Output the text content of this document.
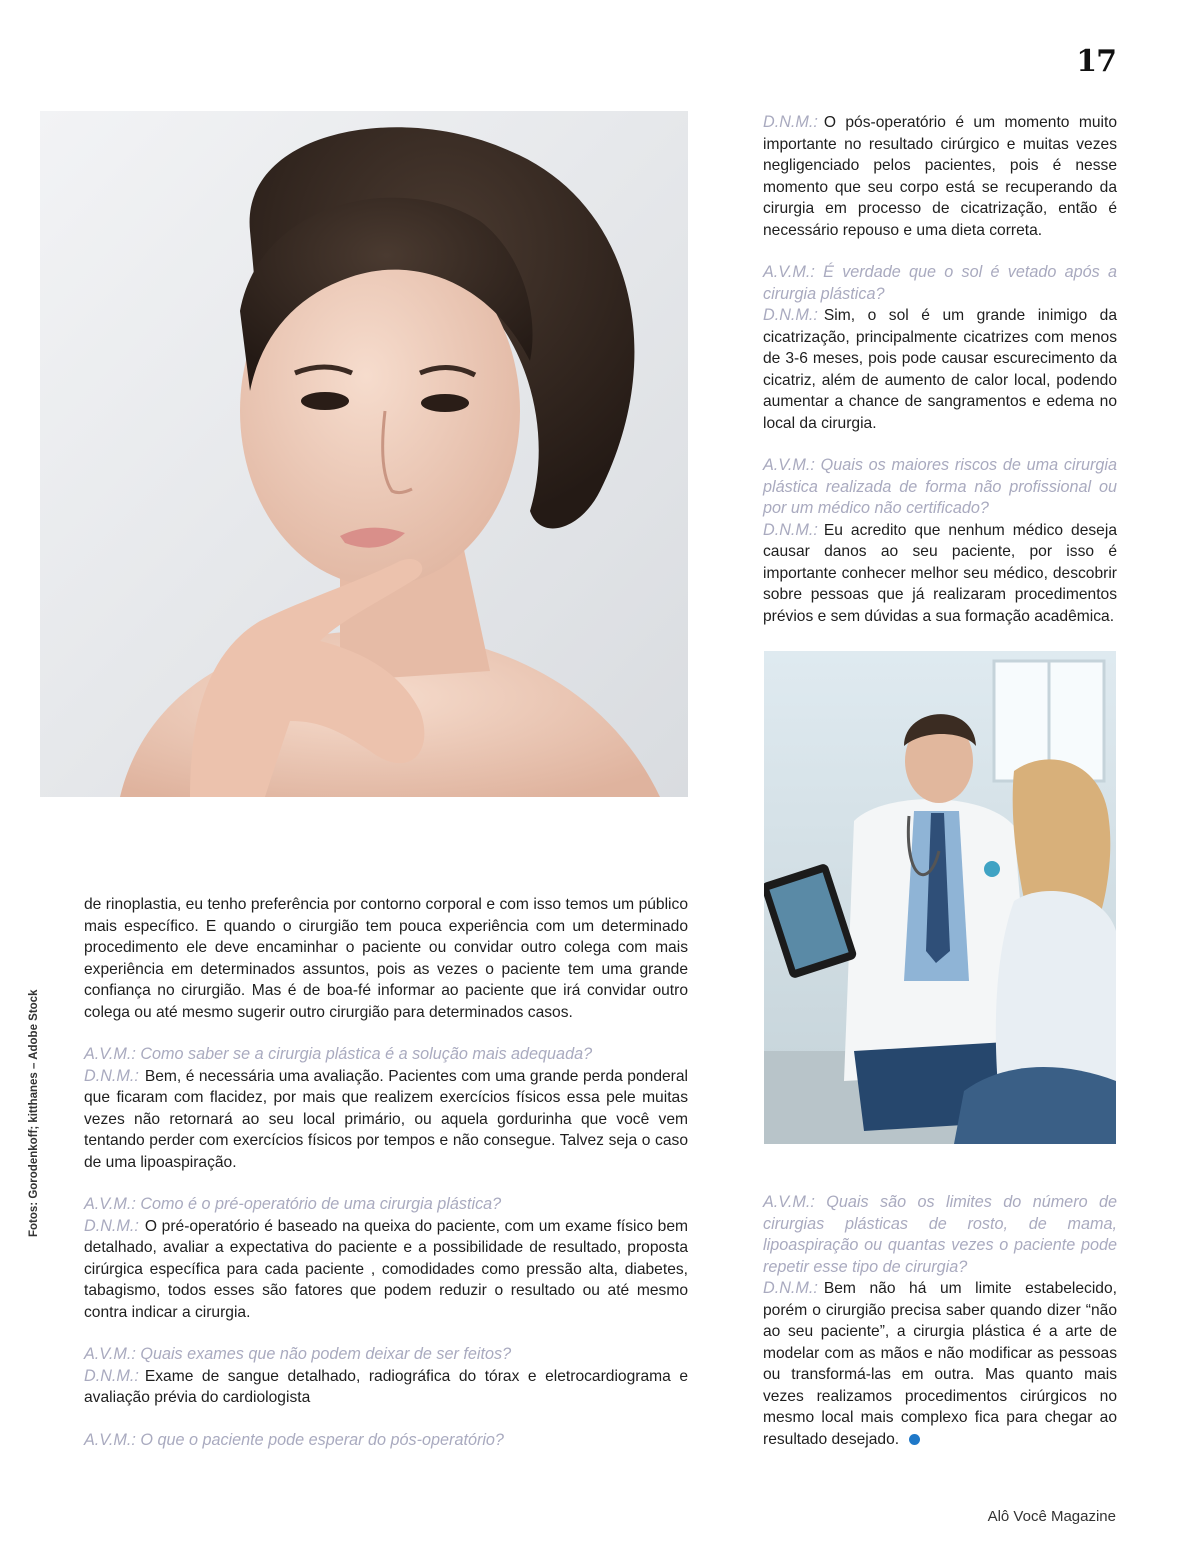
17

de rinoplastia, eu tenho preferência por contorno corporal e com isso temos um público mais específico. E quando o cirurgião tem pouca experiência com um determinado procedimento ele deve encaminhar o paciente ou convidar outro colega com mais experiência em determinados assuntos, pois as vezes o paciente tem uma grande confiança no cirurgião. Mas é de boa-fé informar ao paciente que irá convidar outro colega ou até mesmo sugerir outro cirurgião para determinados casos.

A.V.M.: Como saber se a cirurgia plástica é a solução mais adequada?
D.N.M.: Bem, é necessária uma avaliação. Pacientes com uma grande perda ponderal que ficaram com flacidez, por mais que realizem exercícios físicos essa pele muitas vezes não retornará ao seu local primário, ou aquela gordurinha que você vem tentando perder com exercícios físicos por tempos e não consegue. Talvez seja o caso de uma lipoaspiração.

A.V.M.: Como é o pré-operatório de uma cirurgia plástica?
D.N.M.: O pré-operatório é baseado na queixa do paciente, com um exame físico bem detalhado, avaliar a expectativa do paciente e a possibilidade de resultado, proposta cirúrgica específica para cada paciente , comodidades como pressão alta, diabetes, tabagismo, todos esses são fatores que podem reduzir o resultado ou até mesmo contra indicar a cirurgia.

A.V.M.: Quais exames que não podem deixar de ser feitos?
D.N.M.: Exame de sangue detalhado, radiográfica do tórax e eletrocardiograma e avaliação prévia do cardiologista

A.V.M.: O que o paciente pode esperar do pós-operatório?

D.N.M.: O pós-operatório é um momento muito importante no resultado cirúrgico e muitas vezes negligenciado pelos pacientes, pois é nesse momento que seu corpo está se recuperando da cirurgia em processo de cicatrização, então é necessário repouso e uma dieta correta.

A.V.M.: É verdade que o sol é vetado após a cirurgia plástica?
D.N.M.: Sim, o sol é um grande inimigo da cicatrização, principalmente cicatrizes com menos de 3-6 meses, pois pode causar escurecimento da cicatriz, além de aumento de calor local, podendo aumentar a chance de sangramentos e edema no local da cirurgia.

A.V.M.: Quais os maiores riscos de uma cirurgia plástica realizada de forma não profissional ou por um médico não certificado?
D.N.M.: Eu acredito que nenhum médico deseja causar danos ao seu paciente, por isso é importante conhecer melhor seu médico, descobrir sobre pessoas que já realizaram procedimentos prévios e sem dúvidas a sua formação acadêmica.

A.V.M.: Quais são os limites do número de cirurgias plásticas de rosto, de mama, lipoaspiração ou quantas vezes o paciente pode repetir esse tipo de cirurgia?
D.N.M.: Bem não há um limite estabelecido, porém o cirurgião precisa saber quando dizer “não ao seu paciente”, a cirurgia plástica é a arte de modelar com as mãos e não modificar as pessoas ou transformá-las em outra. Mas quanto mais vezes realizamos procedimentos cirúrgicos no mesmo local mais complexo fica para chegar ao resultado desejado.

Fotos: Gorodenkoff; kitthanes – Adobe Stock
Alô Você Magazine
